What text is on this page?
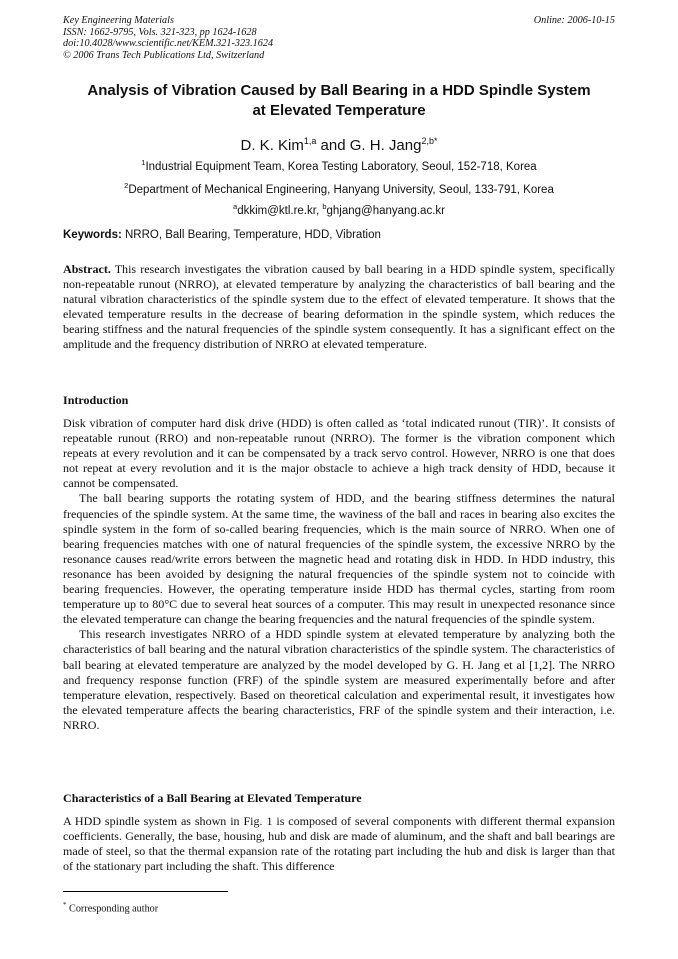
Key Engineering Materials
ISSN: 1662-9795, Vols. 321-323, pp 1624-1628
doi:10.4028/www.scientific.net/KEM.321-323.1624
© 2006 Trans Tech Publications Ltd, Switzerland
Online: 2006-10-15
Analysis of Vibration Caused by Ball Bearing in a HDD Spindle System
at Elevated Temperature
D. K. Kim$^{1,a}$ and G. H. Jang$^{2,b*}$
$^1$Industrial Equipment Team, Korea Testing Laboratory, Seoul, 152-718, Korea
$^2$Department of Mechanical Engineering, Hanyang University, Seoul, 133-791, Korea
$^a$dkkim@ktl.re.kr, $^b$ghjang@hanyang.ac.kr
Keywords: NRRO, Ball Bearing, Temperature, HDD, Vibration

Abstract. This research investigates the vibration caused by ball bearing in a HDD spindle system, specifically non-repeatable runout (NRRO), at elevated temperature by analyzing the characteristics of ball bearing and the natural vibration characteristics of the spindle system due to the effect of elevated temperature. It shows that the elevated temperature results in the decrease of bearing deformation in the spindle system, which reduces the bearing stiffness and the natural frequencies of the spindle system consequently. It has a significant effect on the amplitude and the frequency distribution of NRRO at elevated temperature.

Introduction

Disk vibration of computer hard disk drive (HDD) is often called as ‘total indicated runout (TIR)’. It consists of repeatable runout (RRO) and non-repeatable runout (NRRO). The former is the vibration component which repeats at every revolution and it can be compensated by a track servo control. However, NRRO is one that does not repeat at every revolution and it is the major obstacle to achieve a high track density of HDD, because it cannot be compensated.

The ball bearing supports the rotating system of HDD, and the bearing stiffness determines the natural frequencies of the spindle system. At the same time, the waviness of the ball and races in bearing also excites the spindle system in the form of so-called bearing frequencies, which is the main source of NRRO. When one of bearing frequencies matches with one of natural frequencies of the spindle system, the excessive NRRO by the resonance causes read/write errors between the magnetic head and rotating disk in HDD. In HDD industry, this resonance has been avoided by designing the natural frequencies of the spindle system not to coincide with bearing frequencies. However, the operating temperature inside HDD has thermal cycles, starting from room temperature up to 80°C due to several heat sources of a computer. This may result in unexpected resonance since the elevated temperature can change the bearing frequencies and the natural frequencies of the spindle system.

This research investigates NRRO of a HDD spindle system at elevated temperature by analyzing both the characteristics of ball bearing and the natural vibration characteristics of the spindle system. The characteristics of ball bearing at elevated temperature are analyzed by the model developed by G. H. Jang et al [1,2]. The NRRO and frequency response function (FRF) of the spindle system are measured experimentally before and after temperature elevation, respectively. Based on theoretical calculation and experimental result, it investigates how the elevated temperature affects the bearing characteristics, FRF of the spindle system and their interaction, i.e. NRRO.

Characteristics of a Ball Bearing at Elevated Temperature

A HDD spindle system as shown in Fig. 1 is composed of several components with different thermal expansion coefficients. Generally, the base, housing, hub and disk are made of aluminum, and the shaft and ball bearings are made of steel, so that the thermal expansion rate of the rotating part including the hub and disk is larger than that of the stationary part including the shaft. This difference

* Corresponding author
